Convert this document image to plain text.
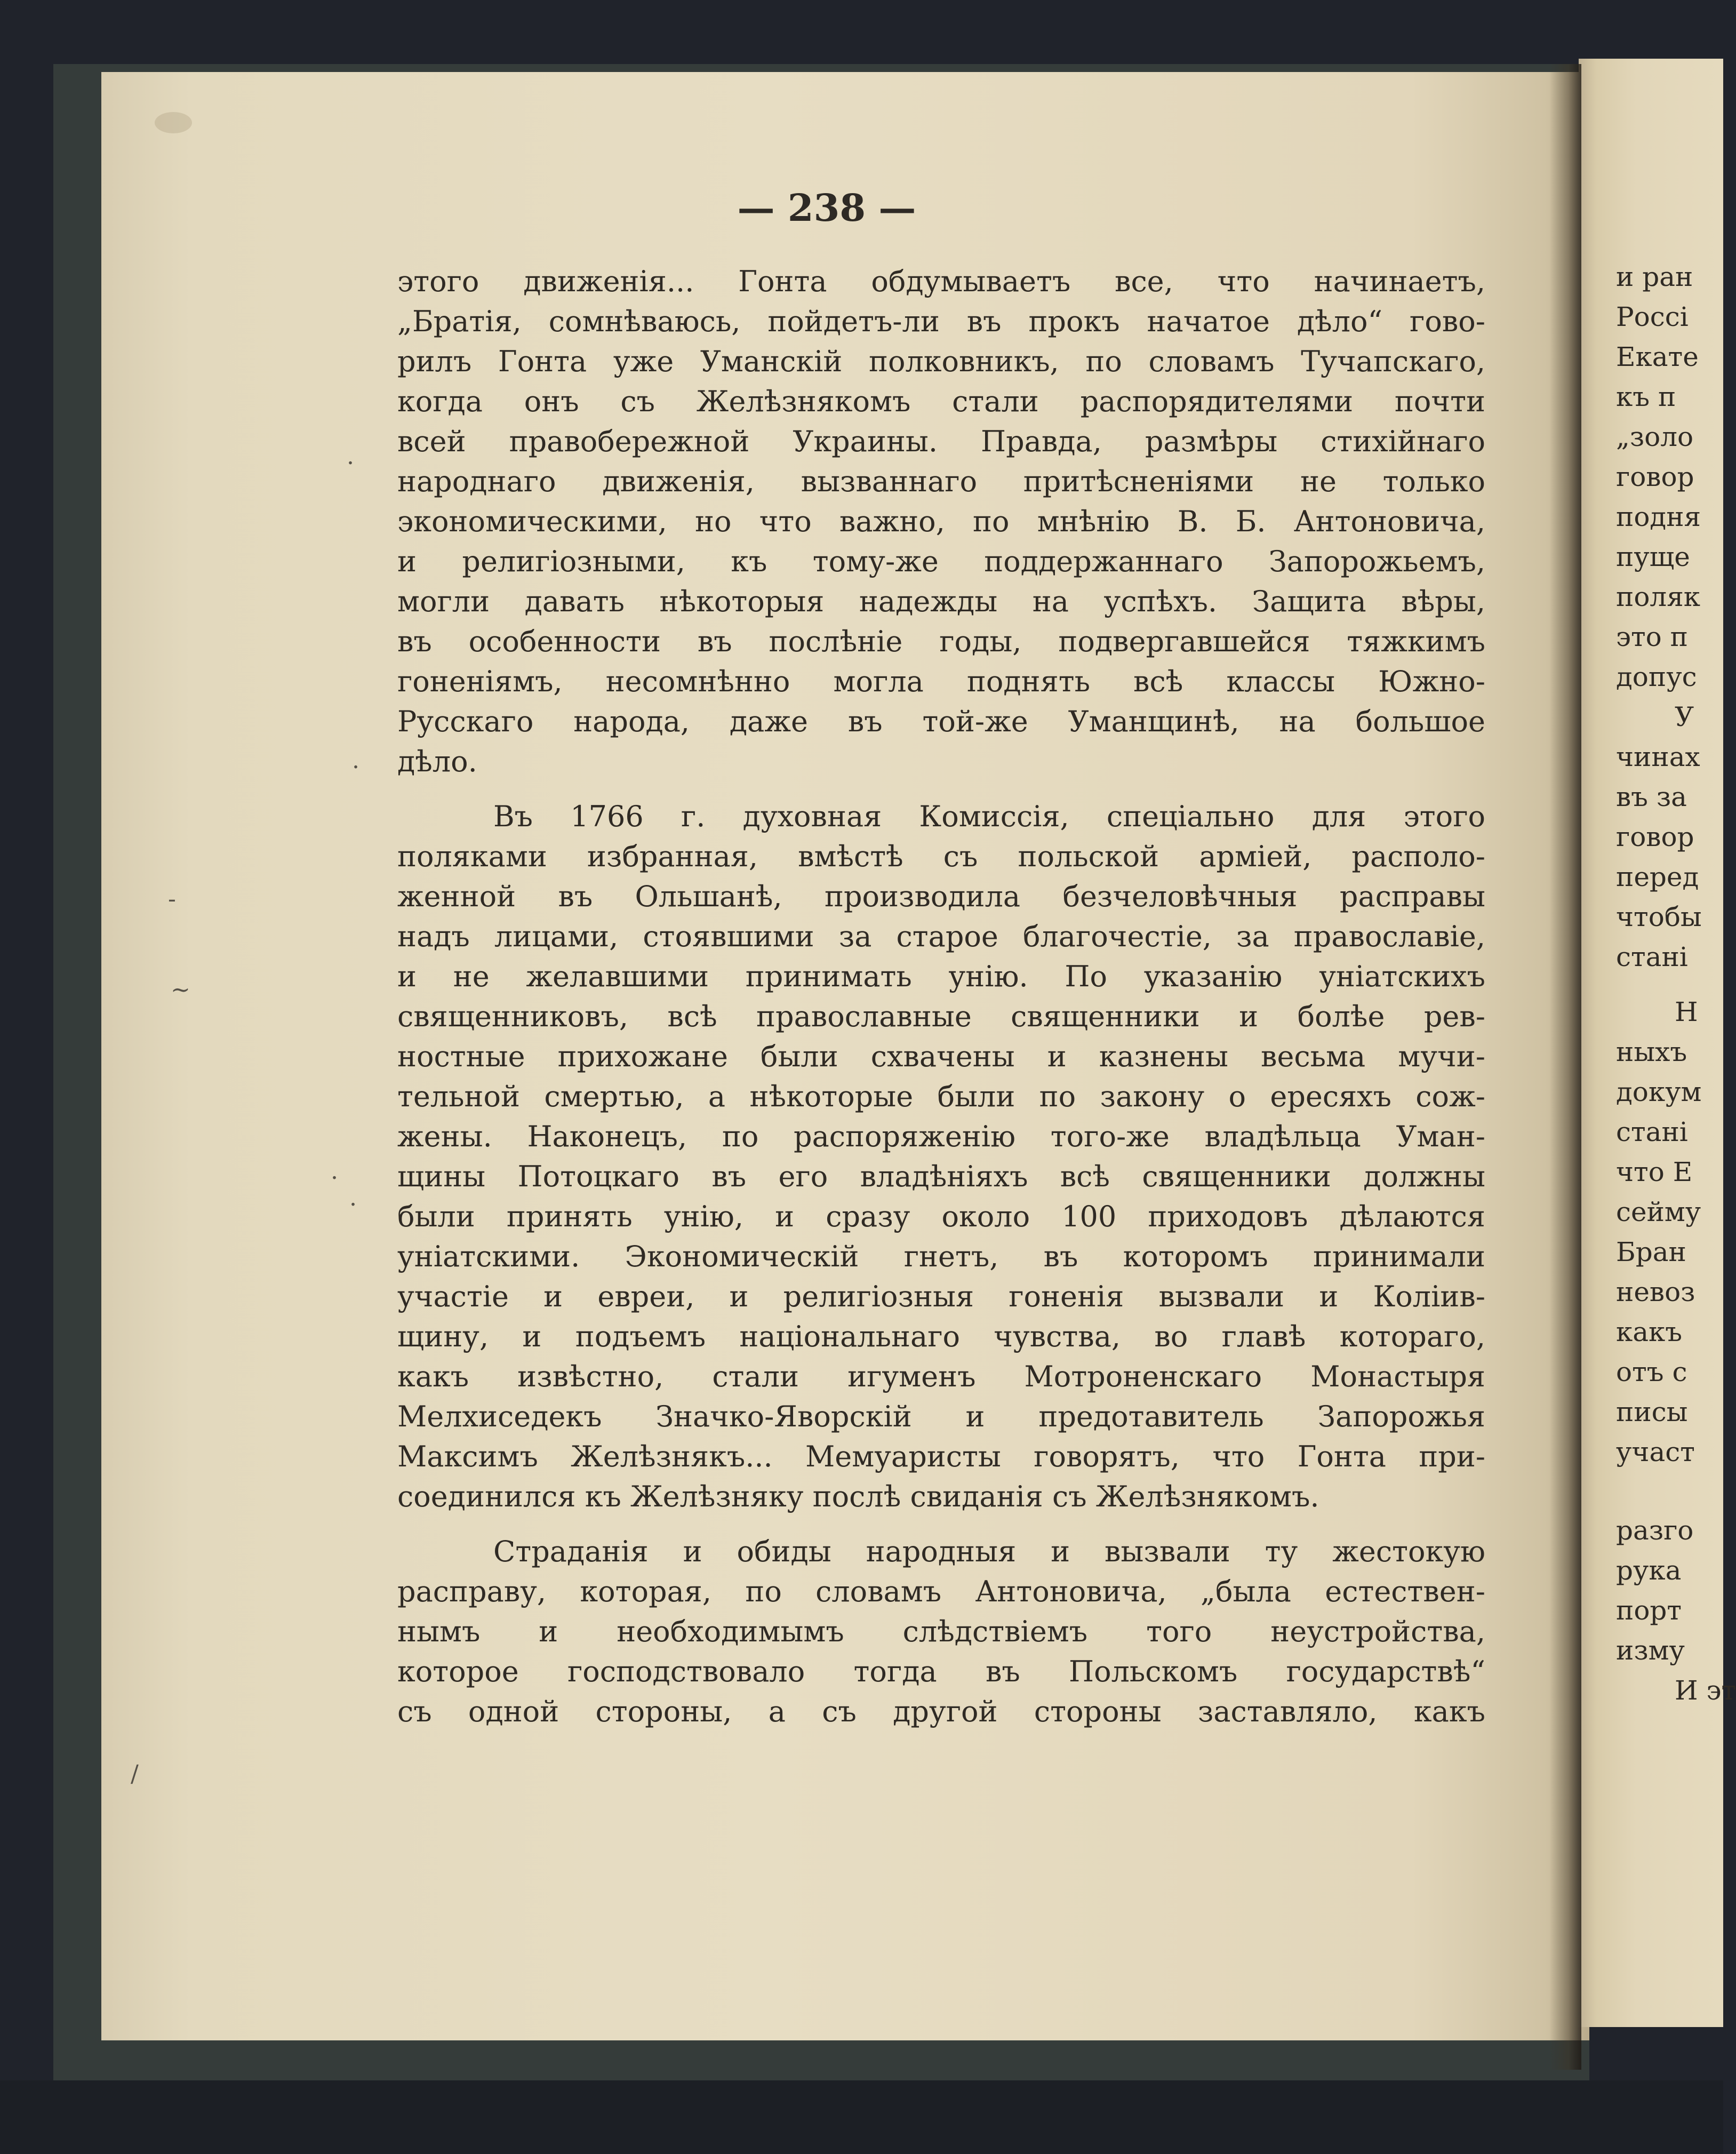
.
-
.
.
~
.
∕
— 238 —
этого движенія... Гонта обдумываетъ все, что начинаетъ,
„Братія, сомнѣваюсь, пойдетъ-ли въ прокъ начатое дѣло“ гово-
рилъ Гонта уже Уманскій полковникъ, по словамъ Тучапскаго,
когда онъ съ Желѣзнякомъ стали распорядителями почти
всей правобережной Украины. Правда, размѣры стихійнаго
народнаго движенія, вызваннаго притѣсненіями не только
экономическими, но что важно, по мнѣнію В. Б. Антоновича,
и религіозными, къ тому-же поддержаннаго Запорожьемъ,
могли давать нѣкоторыя надежды на успѣхъ. Защита вѣры,
въ особенности въ послѣніе годы, подвергавшейся тяжкимъ
гоненіямъ, несомнѣнно могла поднять всѣ классы Южно-
Русскаго народа, даже въ той-же Уманщинѣ, на большое
дѣло.
Въ 1766 г. духовная Комиссія, спеціально для этого
поляками избранная, вмѣстѣ съ польской арміей, располо-
женной въ Ольшанѣ, производила безчеловѣчныя расправы
надъ лицами, стоявшими за старое благочестіе, за православіе,
и не желавшими принимать унію. По указанію уніатскихъ
священниковъ, всѣ православные священники и болѣе рев-
ностные прихожане были схвачены и казнены весьма мучи-
тельной смертью, а нѣкоторые были по закону о ересяхъ сож-
жены. Наконецъ, по распоряженію того-же владѣльца Уман-
щины Потоцкаго въ его владѣніяхъ всѣ священники должны
были принять унію, и сразу около 100 приходовъ дѣлаются
уніатскими. Экономическій гнетъ, въ которомъ принимали
участіе и евреи, и религіозныя гоненія вызвали и Коліив-
щину, и подъемъ національнаго чувства, во главѣ котораго,
какъ извѣстно, стали игуменъ Мотроненскаго Монастыря
Мелхиседекъ Значко-Яворскій и предотавитель Запорожья
Максимъ Желѣзнякъ... Мемуаристы говорятъ, что Гонта при-
соединился къ Желѣзняку послѣ свиданія съ Желѣзнякомъ.
Страданія и обиды народныя и вызвали ту жестокую
расправу, которая, по словамъ Антоновича, „была естествен-
нымъ и необходимымъ слѣдствіемъ того неустройства,
которое господствовало тогда въ Польскомъ государствѣ“
съ одной стороны, а съ другой стороны заставляло, какъ
и ран
Россі
Екате
къ п
„золо
говор
подня
пуще
поляк
это п
допус
У
чинах
въ за
говор
перед
чтобы
стані
Н
ныхъ
докум
стані
что Е
сейму
Бран
невоз
какъ
отъ с
писы
участ
разго
рука
порт
изму
И эт
